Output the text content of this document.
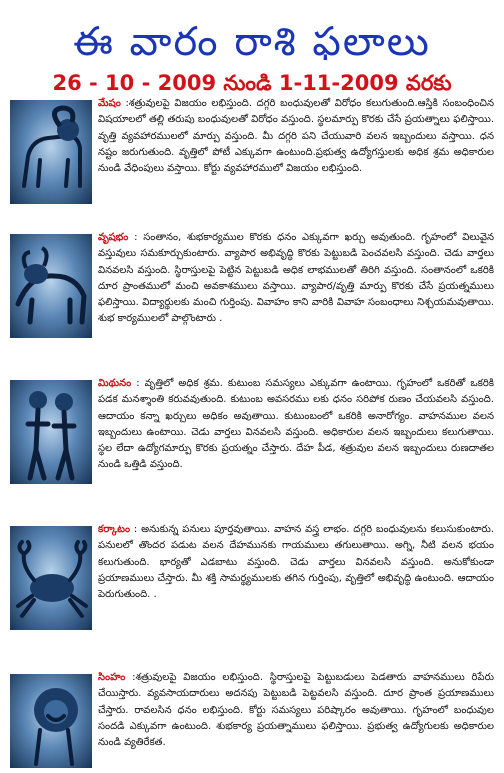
ఈ వారం రాశి ఫలాలు
26 - 10 - 2009 నుండి 1-11-2009 వరకు
మేషం :శత్రువులపై విజయం లభిస్తుంది. దగ్గరి బంధువులతో విరోధం కలుగుతుంది.ఆస్తికి సంబంధించిన విషయాలలో తల్లి తరుపు బంధువులతో విరోధం వస్తుంది. స్థలమార్పు కొరకు చేసే ప్రయత్నాలు ఫలిస్తాయి. వృత్తి వ్యవహారములలో మార్పు వస్తుంది. మీ దగ్గరి పని చేయువారి వలన ఇబ్బందులు వస్తాయి. ధన నష్టం జరుగుతుంది. వృత్తిలో పోటీ ఎక్కువగా ఉంటుంది.ప్రభుత్వ ఉద్యోగస్తులకు అధిక శ్రమ అధికారుల నుండి వేధింపులు వస్తాయి. కోర్టు వ్యవహారములో విజయం లభిస్తుంది.
వృషభం : సంతానం, శుభకార్యముల కొరకు ధనం ఎక్కువగా ఖర్చు అవుతుంది. గృహంలో విలువైన వస్తువులు సమకూర్చుకుంటారు. వ్యాపార అభివృద్ధి కొరకు పెట్టుబడి పెంచవలసి వస్తుంది. చెడు వార్తలు వినవలసి వస్తుంది. స్థిరాస్తులపై పెట్టిన పెట్టుబడి అధిక లాభములతో తిరిగి వస్తుంది. సంతానంలో ఒకరికి దూర ప్రాంతములో మంచి అవకాశములు వస్తాయి. వ్యాపార/వృత్తి మార్పు కొరకు చేసే ప్రయత్నములు ఫలిస్తాయి. విద్యార్థులకు మంచి గుర్తింపు. వివాహం కాని వారికి వివాహ సంబంధాలు నిశ్చయమవుతాయి. శుభ కార్యములలో పాల్గొంటారు .
మిథునం : వృత్తిలో అధిక శ్రమ. కుటుంబ సమస్యలు ఎక్కువగా ఉంటాయి. గృహంలో ఒకరితో ఒకరికి పడక మనశ్శాంతి కరువవుతుంది. కుటుంబ అవసరము లకు ధనం సరిపోక రుణం చేయవలసి వస్తుంది. ఆదాయం కన్నా ఖర్చులు అధికం అవుతాయి. కుటుంబంలో ఒకరికి అనారోగ్యం. వాహనముల వలన ఇబ్బందులు ఉంటాయి. చెడు వార్తలు వినవలసి వస్తుంది. అధికారుల వలన ఇబ్బందులు కలుగుతాయి. స్థల లేదా ఉద్యోగమార్పు కొరకు ప్రయత్నం చేస్తారు. దేహ పీడ, శత్రువుల వలన ఇబ్బందులు రుణదాతల నుండి ఒత్తిడి వస్తుంది.
కర్కాటం : అనుకున్న పనులు పూర్తవుతాయి. వాహన వస్త్ర లాభం. దగ్గరి బంధువులను కలుసుకుంటారు. పనులలో తొందర పడుట వలన దేహమునకు గాయములు తగులుతాయి. అగ్ని, నీటి వలన భయం కలుగుతుంది. భార్యతో ఎడబాటు వస్తుంది. చెడు వార్తలు వినవలసి వస్తుంది. అనుకోకుండా ప్రయాణములు చేస్తారు. మీ శక్తి సామర్థ్యములకు తగిన గుర్తింపు, వృత్తిలో అభివృద్ధి ఉంటుంది. ఆదాయం పెరుగుతుంది. .
సింహం :శత్రువులపై విజయం లభిస్తుంది. స్థిరాస్తులపై పెట్టుబడులు పెడతారు వాహనములు రిపేరు చేయిస్తారు. వ్యవసాయదారులు అదనపు పెట్టుబడి పెట్టవలసి వస్తుంది. దూర ప్రాంత ప్రయాణములు చేస్తారు. రావలసిన ధనం లభిస్తుంది. కోర్టు సమస్యలు పరిష్కారం అవుతాయి. గృహంలో బంధువుల సందడి ఎక్కువగా ఉంటుంది. శుభకార్య ప్రయత్నాములు ఫలిస్తాయి. ప్రభుత్వ ఉద్యోగులకు అధికారుల నుండి వ్యతిరేకత.
